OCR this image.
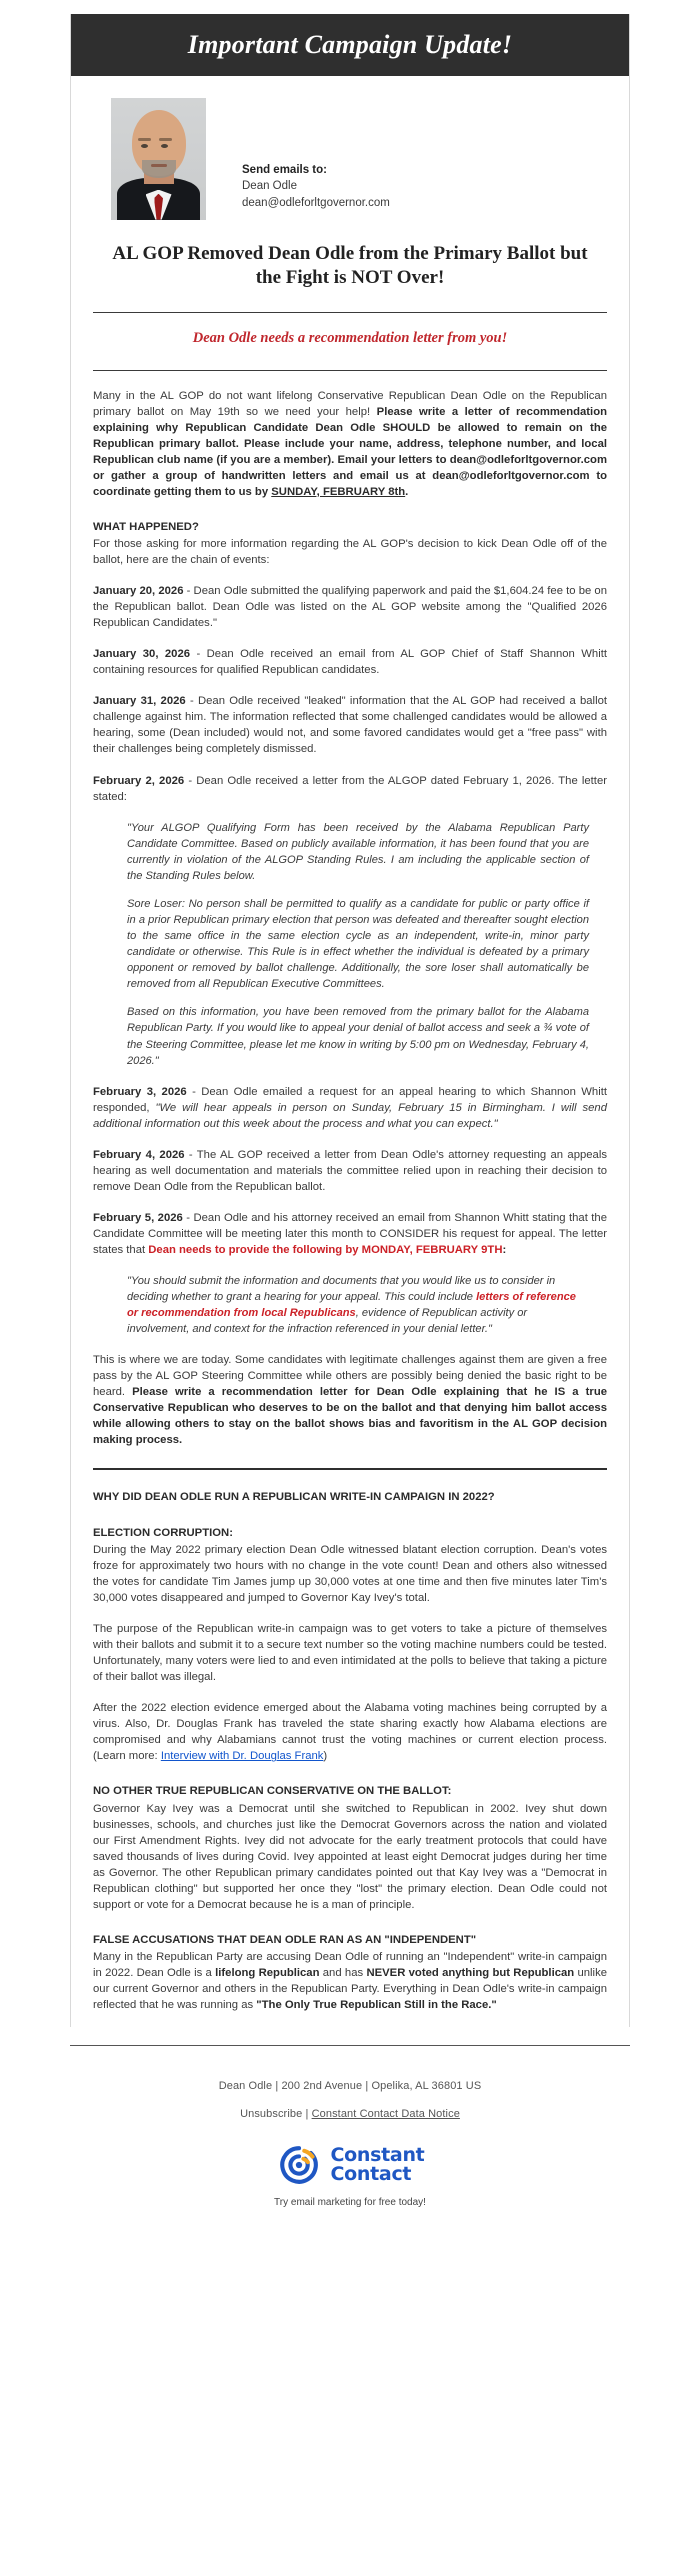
Important Campaign Update!
Send emails to:
Dean Odle
dean@odleforltgovernor.com
AL GOP Removed Dean Odle from the Primary Ballot but the Fight is NOT Over!
Dean Odle needs a recommendation letter from you!

Many in the AL GOP do not want lifelong Conservative Republican Dean Odle on the Republican primary ballot on May 19th so we need your help! Please write a letter of recommendation explaining why Republican Candidate Dean Odle SHOULD be allowed to remain on the Republican primary ballot. Please include your name, address, telephone number, and local Republican club name (if you are a member). Email your letters to dean@odleforltgovernor.com or gather a group of handwritten letters and email us at dean@odleforltgovernor.com to coordinate getting them to us by SUNDAY, FEBRUARY 8th.

WHAT HAPPENED?

For those asking for more information regarding the AL GOP's decision to kick Dean Odle off of the ballot, here are the chain of events:

January 20, 2026 - Dean Odle submitted the qualifying paperwork and paid the $1,604.24 fee to be on the Republican ballot. Dean Odle was listed on the AL GOP website among the "Qualified 2026 Republican Candidates."

January 30, 2026 - Dean Odle received an email from AL GOP Chief of Staff Shannon Whitt containing resources for qualified Republican candidates.

January 31, 2026 - Dean Odle received "leaked" information that the AL GOP had received a ballot challenge against him. The information reflected that some challenged candidates would be allowed a hearing, some (Dean included) would not, and some favored candidates would get a "free pass" with their challenges being completely dismissed.

February 2, 2026 - Dean Odle received a letter from the ALGOP dated February 1, 2026. The letter stated:

"Your ALGOP Qualifying Form has been received by the Alabama Republican Party Candidate Committee. Based on publicly available information, it has been found that you are currently in violation of the ALGOP Standing Rules. I am including the applicable section of the Standing Rules below.

Sore Loser: No person shall be permitted to qualify as a candidate for public or party office if in a prior Republican primary election that person was defeated and thereafter sought election to the same office in the same election cycle as an independent, write-in, minor party candidate or otherwise. This Rule is in effect whether the individual is defeated by a primary opponent or removed by ballot challenge. Additionally, the sore loser shall automatically be removed from all Republican Executive Committees.

Based on this information, you have been removed from the primary ballot for the Alabama Republican Party. If you would like to appeal your denial of ballot access and seek a ¾ vote of the Steering Committee, please let me know in writing by 5:00 pm on Wednesday, February 4, 2026."

February 3, 2026 - Dean Odle emailed a request for an appeal hearing to which Shannon Whitt responded, "We will hear appeals in person on Sunday, February 15 in Birmingham. I will send additional information out this week about the process and what you can expect."

February 4, 2026 - The AL GOP received a letter from Dean Odle's attorney requesting an appeals hearing as well documentation and materials the committee relied upon in reaching their decision to remove Dean Odle from the Republican ballot.

February 5, 2026 - Dean Odle and his attorney received an email from Shannon Whitt stating that the Candidate Committee will be meeting later this month to CONSIDER his request for appeal. The letter states that Dean needs to provide the following by MONDAY, FEBRUARY 9TH:

"You should submit the information and documents that you would like us to consider in deciding whether to grant a hearing for your appeal. This could include letters of reference or recommendation from local Republicans, evidence of Republican activity or involvement, and context for the infraction referenced in your denial letter."

This is where we are today. Some candidates with legitimate challenges against them are given a free pass by the AL GOP Steering Committee while others are possibly being denied the basic right to be heard. Please write a recommendation letter for Dean Odle explaining that he IS a true Conservative Republican who deserves to be on the ballot and that denying him ballot access while allowing others to stay on the ballot shows bias and favoritism in the AL GOP decision making process.

WHY DID DEAN ODLE RUN A REPUBLICAN WRITE-IN CAMPAIGN IN 2022?
ELECTION CORRUPTION:

During the May 2022 primary election Dean Odle witnessed blatant election corruption. Dean's votes froze for approximately two hours with no change in the vote count! Dean and others also witnessed the votes for candidate Tim James jump up 30,000 votes at one time and then five minutes later Tim's 30,000 votes disappeared and jumped to Governor Kay Ivey's total.

The purpose of the Republican write-in campaign was to get voters to take a picture of themselves with their ballots and submit it to a secure text number so the voting machine numbers could be tested. Unfortunately, many voters were lied to and even intimidated at the polls to believe that taking a picture of their ballot was illegal.

After the 2022 election evidence emerged about the Alabama voting machines being corrupted by a virus. Also, Dr. Douglas Frank has traveled the state sharing exactly how Alabama elections are compromised and why Alabamians cannot trust the voting machines or current election process. (Learn more: Interview with Dr. Douglas Frank)

NO OTHER TRUE REPUBLICAN CONSERVATIVE ON THE BALLOT:

Governor Kay Ivey was a Democrat until she switched to Republican in 2002. Ivey shut down businesses, schools, and churches just like the Democrat Governors across the nation and violated our First Amendment Rights. Ivey did not advocate for the early treatment protocols that could have saved thousands of lives during Covid. Ivey appointed at least eight Democrat judges during her time as Governor. The other Republican primary candidates pointed out that Kay Ivey was a "Democrat in Republican clothing" but supported her once they "lost" the primary election. Dean Odle could not support or vote for a Democrat because he is a man of principle.

FALSE ACCUSATIONS THAT DEAN ODLE RAN AS AN "INDEPENDENT"

Many in the Republican Party are accusing Dean Odle of running an "Independent" write-in campaign in 2022. Dean Odle is a lifelong Republican and has NEVER voted anything but Republican unlike our current Governor and others in the Republican Party. Everything in Dean Odle's write-in campaign reflected that he was running as "The Only True Republican Still in the Race."

Dean Odle | 200 2nd Avenue | Opelika, AL 36801 US
Unsubscribe | Constant Contact Data Notice
Constant
Contact
Try email marketing for free today!
